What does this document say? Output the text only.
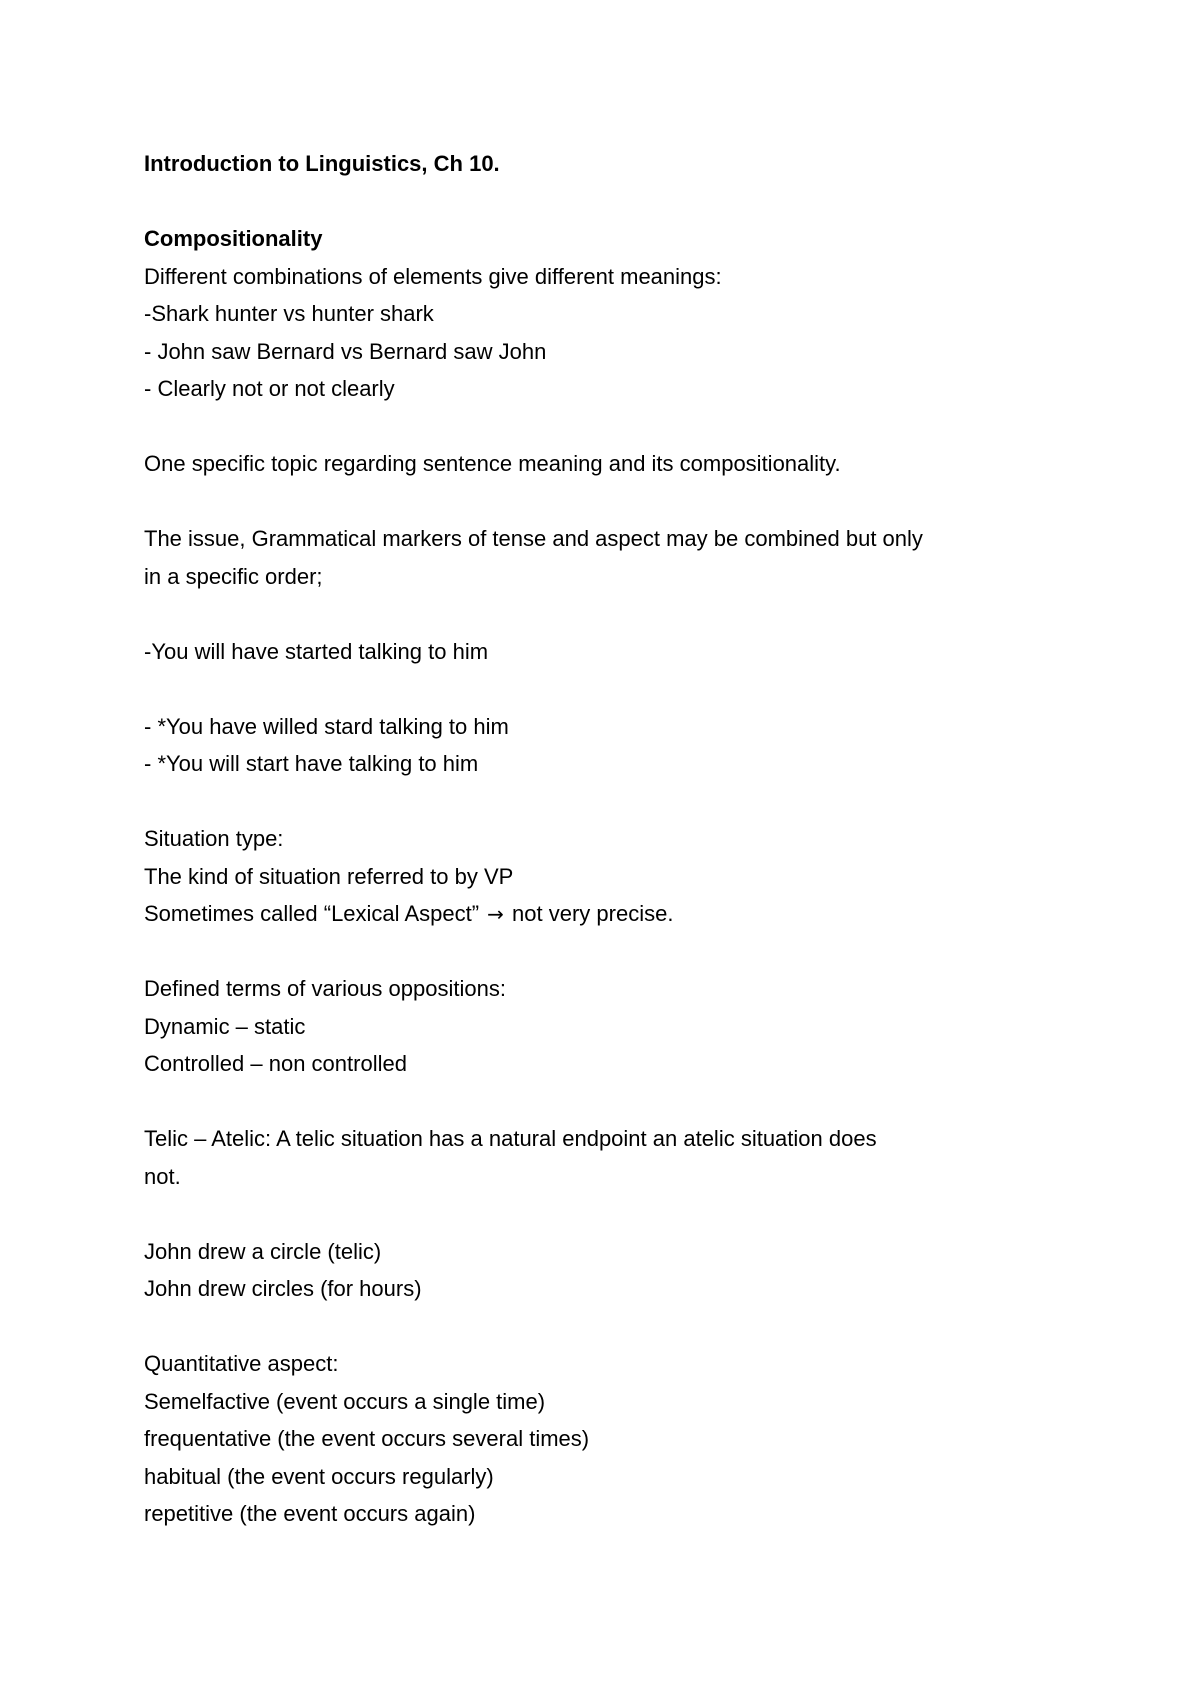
Introduction to Linguistics, Ch 10.
Compositionality
Different combinations of elements give different meanings:
-Shark hunter vs hunter shark
- John saw Bernard vs Bernard saw John
- Clearly not or not clearly
One specific topic regarding sentence meaning and its compositionality.
The issue, Grammatical markers of tense and aspect may be combined but only
in a specific order;
-You will have started talking to him
- *You have willed stard talking to him
- *You will start have talking to him
Situation type:
The kind of situation referred to by VP
Sometimes called “Lexical Aspect” → not very precise.
Defined terms of various oppositions:
Dynamic – static
Controlled – non controlled
Telic – Atelic: A telic situation has a natural endpoint an atelic situation does
not.
John drew a circle (telic)
John drew circles (for hours)
Quantitative aspect:
Semelfactive (event occurs a single time)
frequentative (the event occurs several times)
habitual (the event occurs regularly)
repetitive (the event occurs again)
